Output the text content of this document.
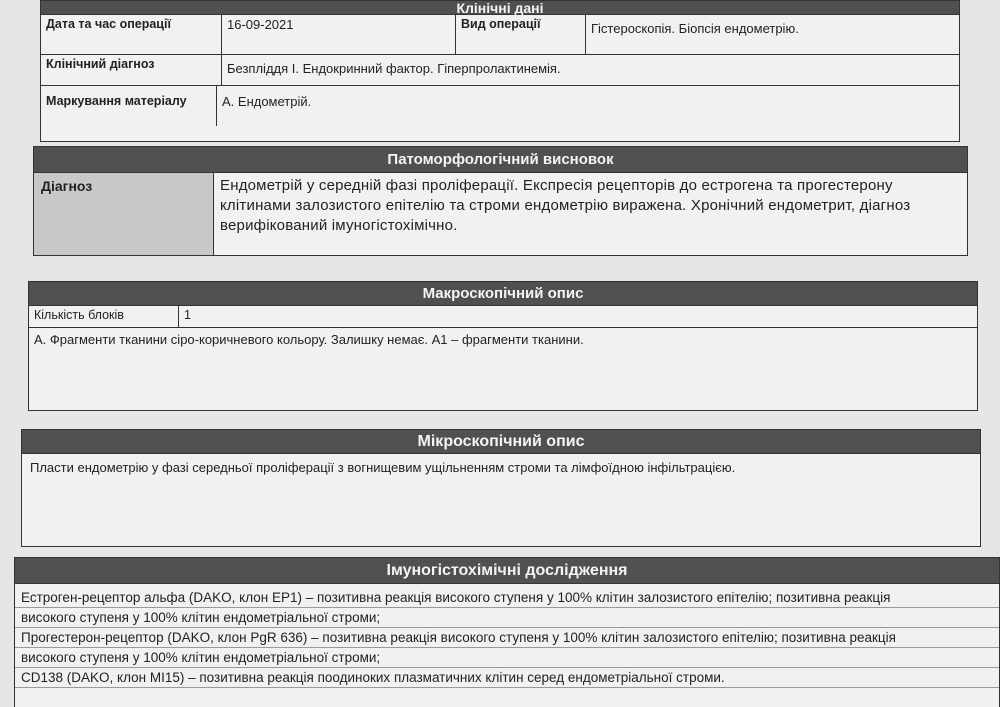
Клінічні дані
Дата та час операції	16-09-2021	Вид операції	Гістероскопія. Біопсія ендометрію.
Клінічний діагноз	Безпліддя І. Ендокринний фактор. Гіперпролактинемія.
Маркування матеріалу	А. Ендометрій.
Патоморфологічний висновок
Діагноз	Ендометрій у середній фазі проліферації. Експресія рецепторів до естрогена та прогестерону клітинами залозистого епітелію та строми ендометрію виражена. Хронічний ендометрит, діагноз верифікований імуногістохімічно.
Макроскопічний опис
Кількість блоків	1
А. Фрагменти тканини сіро-коричневого кольору. Залишку немає. А1 – фрагменти тканини.
Мікроскопічний опис
Пласти ендометрію у фазі середньої проліферації з вогнищевим ущільненням строми та лімфоїдною інфільтрацією.
Імуногістохімічні дослідження
Естроген-рецептор альфа (DAKO, клон EP1) – позитивна реакція високого ступеня у 100% клітин залозистого епітелію; позитивна реакція
високого ступеня у 100% клітин ендометріальної строми;
Прогестерон-рецептор (DAKO, клон PgR 636) – позитивна реакція високого ступеня у 100% клітин залозистого епітелію; позитивна реакція
високого ступеня у 100% клітин ендометріальної строми;
CD138 (DAKO, клон MI15) – позитивна реакція поодиноких плазматичних клітин серед ендометріальної строми.
